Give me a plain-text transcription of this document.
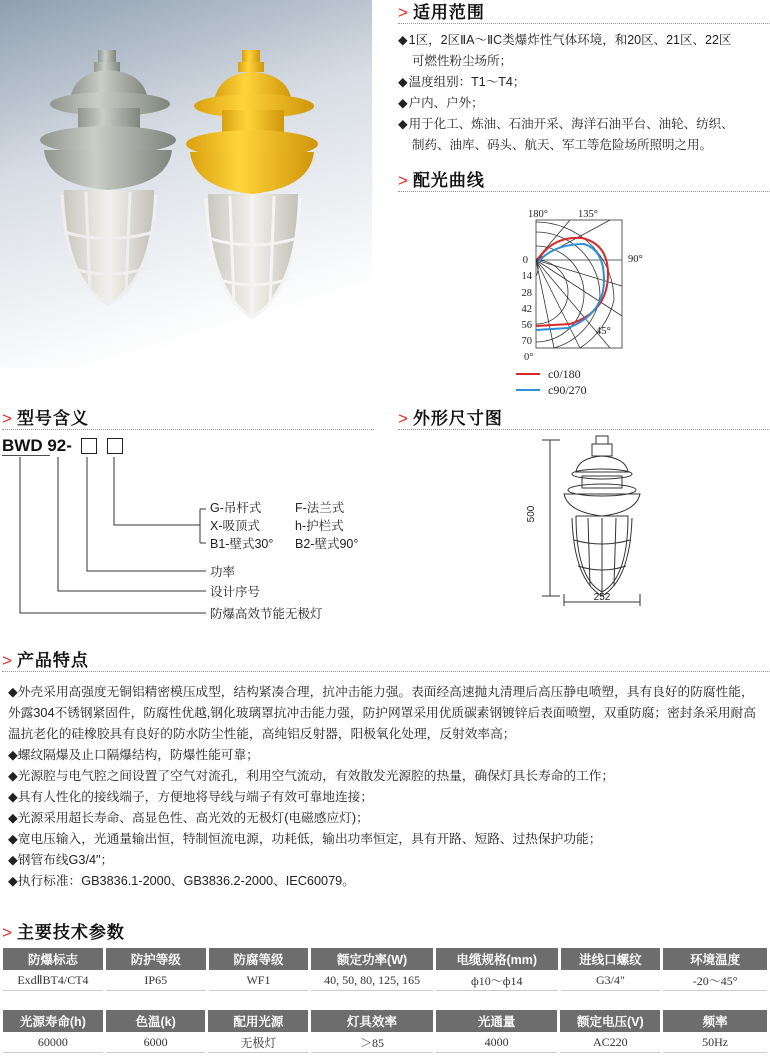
> 适用范围
◆1区，2区ⅡA～ⅡC类爆炸性气体环境，和20区、21区、22区
可燃性粉尘场所；
◆温度组别：T1～T4；
◆户内、户外；
◆用于化工、炼油、石油开采、海洋石油平台、油轮、纺织、
制药、油库、码头、航天、军工等危险场所照明之用。
> 配光曲线
180°	135°
90°
45°
0
14
28
42
56
70
0°
c0/180
c90/270
> 型号含义
BWD 92-
G-吊杆式	F-法兰式
X-吸顶式	h-护栏式
B1-壁式30° B2-壁式90°
功率
设计序号
防爆高效节能无极灯
> 外形尺寸图
500
252
> 产品特点

◆外壳采用高强度无铜铝精密模压成型，结构紧凑合理，抗冲击能力强。表面经高速抛丸清理后高压静电喷塑，具有良好的防腐性能，外露304不锈钢紧固件，防腐性优越,钢化玻璃罩抗冲击能力强，防护网罩采用优质碳素钢镀锌后表面喷塑，双重防腐；密封条采用耐高温抗老化的硅橡胶具有良好的防水防尘性能，高纯铝反射器，阳极氧化处理，反射效率高；

◆螺纹隔爆及止口隔爆结构，防爆性能可靠；

◆光源腔与电气腔之间设置了空气对流孔，利用空气流动，有效散发光源腔的热量，确保灯具长寿命的工作；

◆具有人性化的接线端子，方便地将导线与端子有效可靠地连接；

◆光源采用超长寿命、高显色性、高光效的无极灯(电磁感应灯)；

◆宽电压输入，光通量输出恒，特制恒流电源，功耗低，输出功率恒定，具有开路、短路、过热保护功能；

◆钢管布线G3/4"；

◆执行标准：GB3836.1-2000、GB3836.2-2000、IEC60079。

> 主要技术参数
防爆标志	防护等级	防腐等级	额定功率(W)	电缆规格(mm)	进线口螺纹	环境温度
ExdⅡBT4/CT4	IP65	WF1	40, 50, 80, 125, 165	ф10～ф14	G3/4"	-20～45°
光源寿命(h)	色温(k)	配用光源	灯具效率	光通量	额定电压(V)	频率
60000	6000	无极灯	＞85	4000	AC220	50Hz
